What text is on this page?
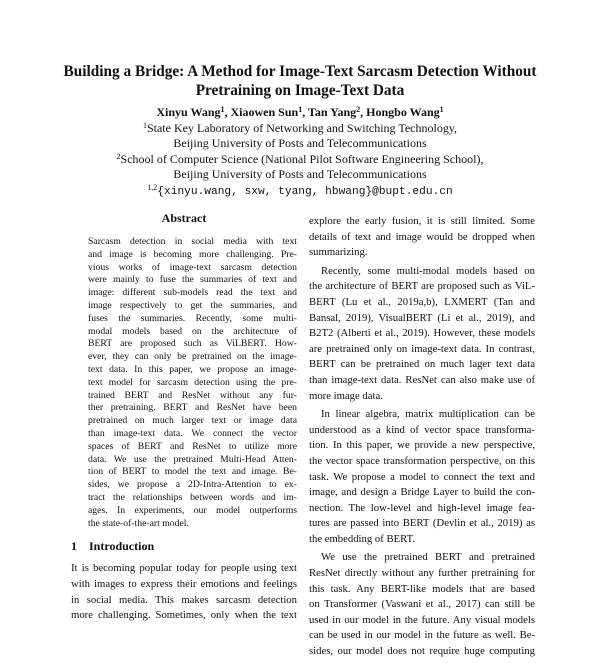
Building a Bridge: A Method for Image-Text Sarcasm Detection Without
Pretraining on Image-Text Data
Xinyu Wang$^1$, Xiaowen Sun$^1$, Tan Yang$^2$, Hongbo Wang$^1$
$^1$State Key Laboratory of Networking and Switching Technology,
Beijing University of Posts and Telecommunications
$^2$School of Computer Science (National Pilot Software Engineering School),
Beijing University of Posts and Telecommunications
$^{1,2}${xinyu.wang, sxw, tyang, hbwang}@bupt.edu.cn
Abstract
Sarcasm detection in social media with text
and image is becoming more challenging. Pre-
vious works of image-text sarcasm detection
were mainly to fuse the summaries of text and
image: different sub-models read the text and
image respectively to get the summaries, and
fuses the summaries. Recently, some multi-
modal models based on the architecture of
BERT are proposed such as ViLBERT. How-
ever, they can only be pretrained on the image-
text data. In this paper, we propose an image-
text model for sarcasm detection using the pre-
trained BERT and ResNet without any fur-
ther pretraining. BERT and ResNet have been
pretrained on much larger text or image data
than image-text data. We connect the vector
spaces of BERT and ResNet to utilize more
data. We use the pretrained Multi-Head Atten-
tion of BERT to model the text and image. Be-
sides, we propose a 2D-Intra-Attention to ex-
tract the relationships between words and im-
ages. In experiments, our model outperforms
the state-of-the-art model.
1 Introduction
It is becoming popular today for people using text
with images to express their emotions and feelings
in social media. This makes sarcasm detection
more challenging. Sometimes, only when the text
explore the early fusion, it is still limited. Some
details of text and image would be dropped when
summarizing.
Recently, some multi-modal models based on
the architecture of BERT are proposed such as ViL-
BERT (Lu et al., 2019a,b), LXMERT (Tan and
Bansal, 2019), VisualBERT (Li et al., 2019), and
B2T2 (Alberti et al., 2019). However, these models
are pretrained only on image-text data. In contrast,
BERT can be pretrained on much lager text data
than image-text data. ResNet can also make use of
more image data.
In linear algebra, matrix multiplication can be
understood as a kind of vector space transforma-
tion. In this paper, we provide a new perspective,
the vector space transformation perspective, on this
task. We propose a model to connect the text and
image, and design a Bridge Layer to build the con-
nection. The low-level and high-level image fea-
tures are passed into BERT (Devlin et al., 2019) as
the embedding of BERT.
We use the pretrained BERT and pretrained
ResNet directly without any further pretraining for
this task. Any BERT-like models that are based
on Transformer (Vaswani et al., 2017) can still be
used in our model in the future. Any visual models
can be used in our model in the future as well. Be-
sides, our model does not require huge computing
